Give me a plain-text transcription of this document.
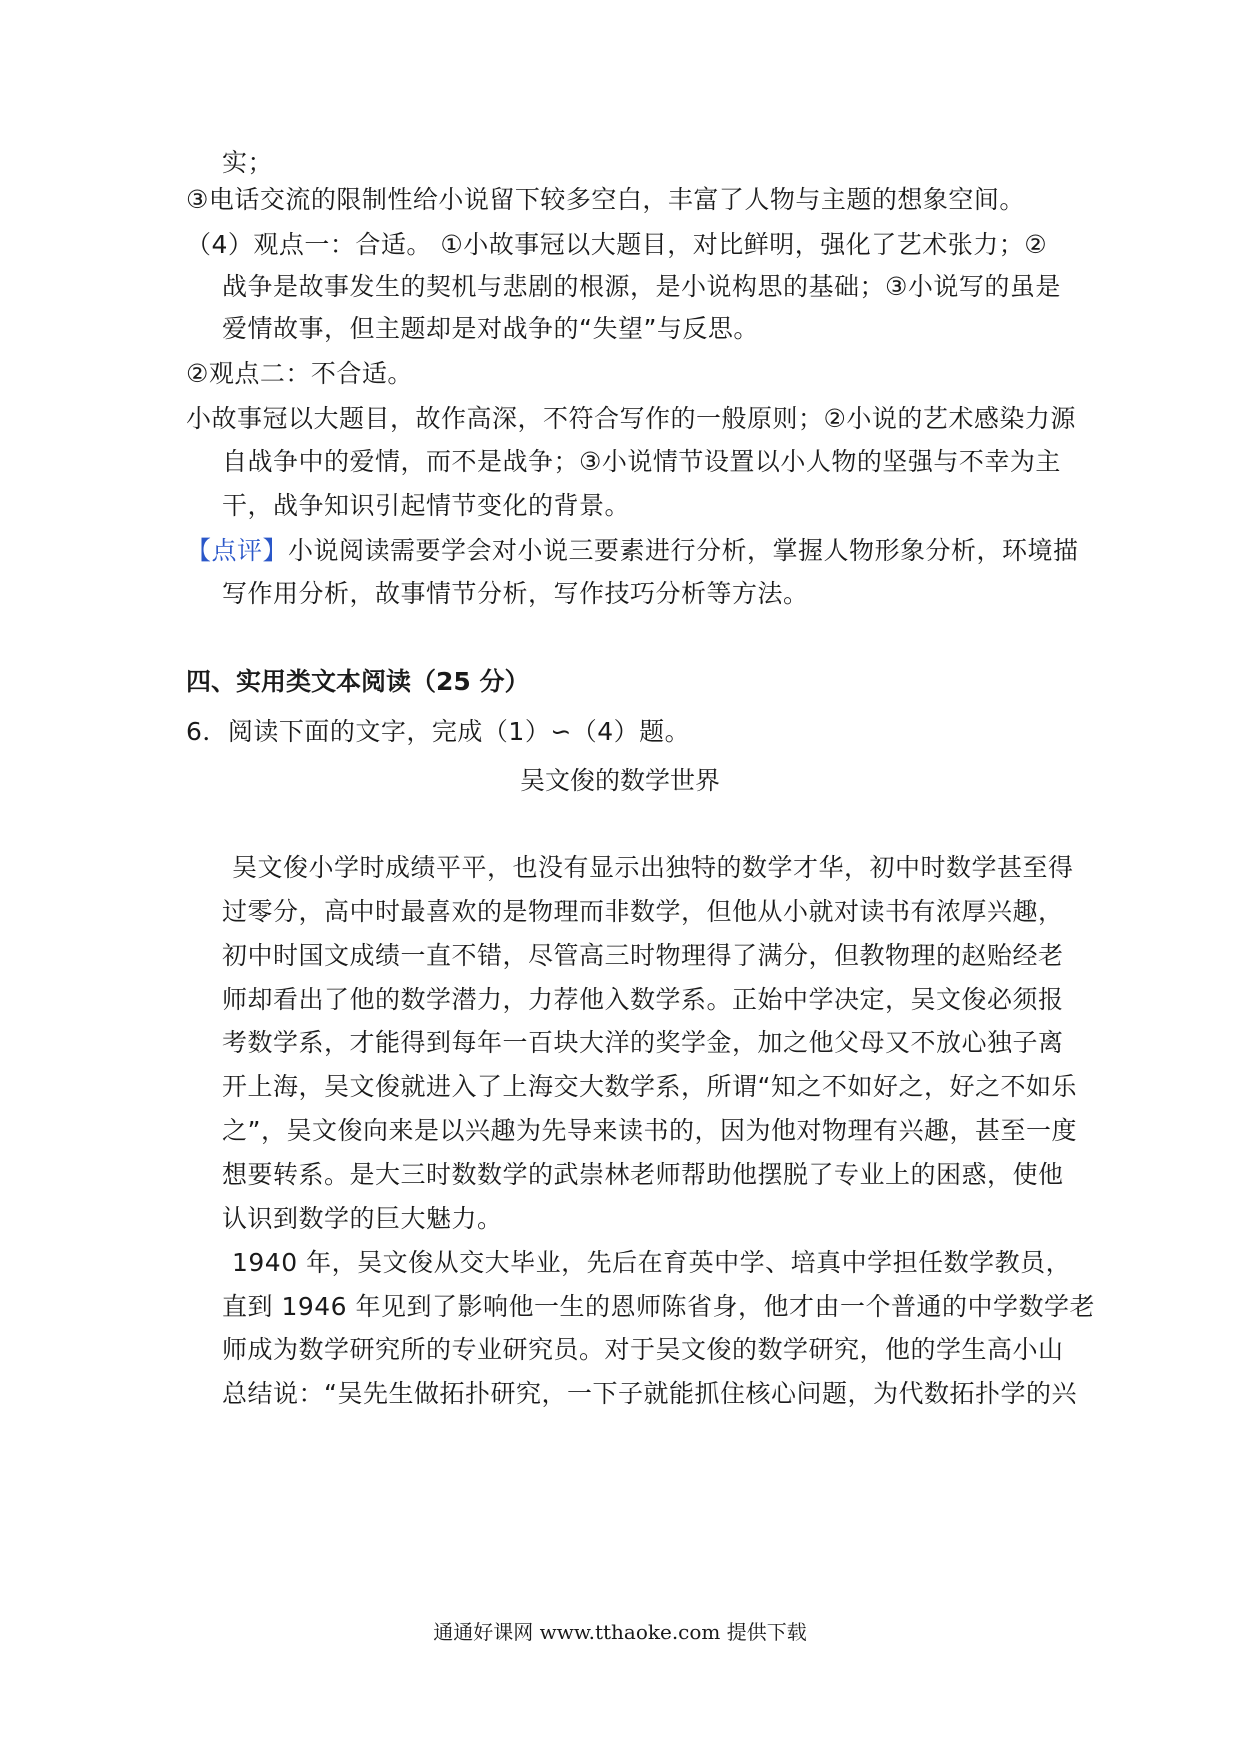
实；
③电话交流的限制性给小说留下较多空白，丰富了人物与主题的想象空间。
（4）观点一：合适。 ①小故事冠以大题目，对比鲜明，强化了艺术张力；②
战争是故事发生的契机与悲剧的根源，是小说构思的基础；③小说写的虽是
爱情故事，但主题却是对战争的“失望”与反思。
②观点二：不合适。
小故事冠以大题目，故作高深，不符合写作的一般原则；②小说的艺术感染力源
自战争中的爱情，而不是战争；③小说情节设置以小人物的坚强与不幸为主
干，战争知识引起情节变化的背景。
【点评】小说阅读需要学会对小说三要素进行分析，掌握人物形象分析，环境描
写作用分析，故事情节分析，写作技巧分析等方法。
四、实用类文本阅读（25 分）
6．阅读下面的文字，完成（1）∽（4）题。
吴文俊的数学世界
吴文俊小学时成绩平平，也没有显示出独特的数学才华，初中时数学甚至得
过零分，高中时最喜欢的是物理而非数学，但他从小就对读书有浓厚兴趣，
初中时国文成绩一直不错，尽管高三时物理得了满分，但教物理的赵贻经老
师却看出了他的数学潜力，力荐他入数学系。正始中学决定，吴文俊必须报
考数学系，才能得到每年一百块大洋的奖学金，加之他父母又不放心独子离
开上海，吴文俊就进入了上海交大数学系，所谓“知之不如好之，好之不如乐
之”，吴文俊向来是以兴趣为先导来读书的，因为他对物理有兴趣，甚至一度
想要转系。是大三时数数学的武崇林老师帮助他摆脱了专业上的困惑，使他
认识到数学的巨大魅力。
1940 年，吴文俊从交大毕业，先后在育英中学、培真中学担任数学教员，
直到 1946 年见到了影响他一生的恩师陈省身，他才由一个普通的中学数学老
师成为数学研究所的专业研究员。对于吴文俊的数学研究，他的学生高小山
总结说：“吴先生做拓扑研究，一下子就能抓住核心问题，为代数拓扑学的兴
通通好课网 www.tthaoke.com 提供下载
